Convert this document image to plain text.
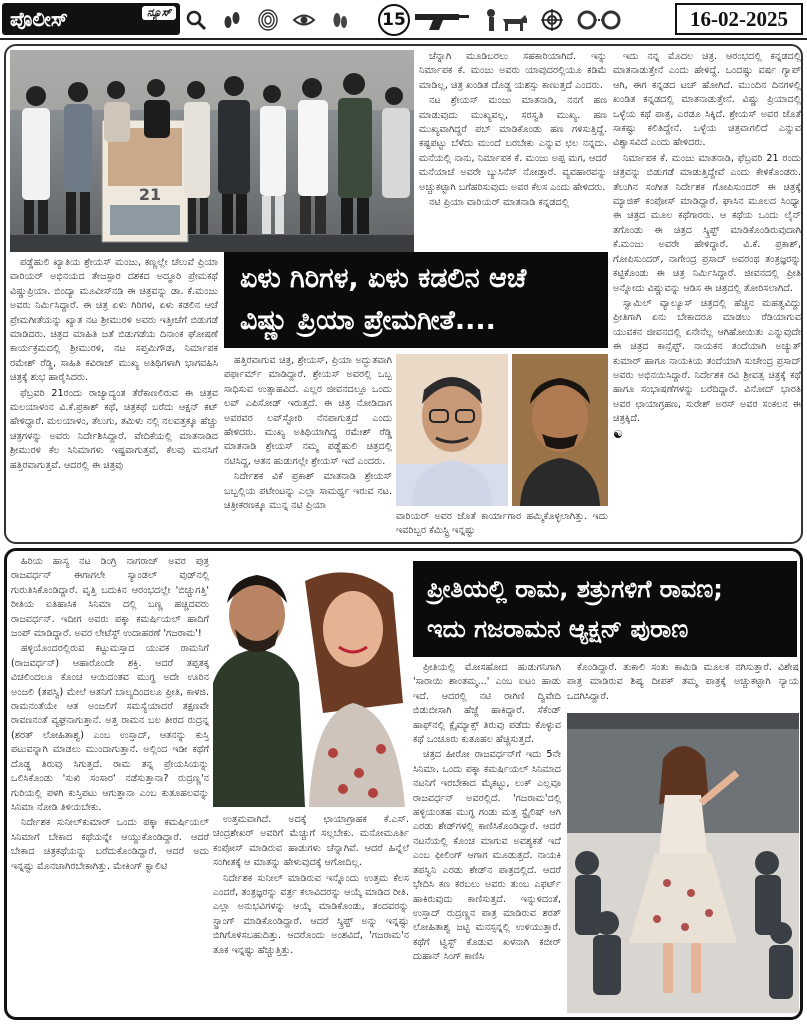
ಪೊಲೀಸ್	ನ್ಯೂಸ್	15	16-02-2025
21

ಚೆನ್ನಾಗಿ ಮೂಡಿಬರಲು ಸಹಕಾರಿಯಾಗಿದೆ. ಇನ್ನು ನಿರ್ಮಾಪಕ ಕೆ. ಮಂಜು ಅವರು ಯಾವುದರಲ್ಲಿಯೂ ಕಡಿಮೆ ಮಾಡಿಲ್ಲ, ಚಿತ್ರ ಖಂಡಿತ ದೊಡ್ಡ ಯಶಸ್ಸು ಕಾಣುತ್ತದೆ ಎಂದರು.

ನಟ ಶ್ರೇಯಸ್ ಮಂಜು ಮಾತನಾಡಿ, ನನಗೆ ಹಣ ಮಾಡುವುದು ಮುಖ್ಯವಲ್ಲ, ಸರಸ್ವತಿ ಮುಖ್ಯ. ಹಣ ಮುಖ್ಯವಾಗಿದ್ದರೆ ಪಬ್ ಮಾಡಿಕೊಂಡು ಹಣ ಗಳಿಸುತ್ತಿದ್ದೆ. ಕಷ್ಟಪಟ್ಟು ಬೆಳೆದು ಮುಂದೆ ಬರಬೇಕು ಎನ್ನುವ ಛಲ ನನ್ನದು. ಮನೆಯಲ್ಲಿ ನಾನು, ನಿರ್ಮಾಪಕ ಕೆ. ಮಂಜು ಅಪ್ಪ ಮಗ, ಆದರೆ ಮನೆಯಾಚೆ ಅವರೇ ಬ್ಯುಸಿನೆಸ್ ನೋಡ್ತಾರೆ. ವ್ಯವಹಾರವನ್ನು ಅಚ್ಚುಕಟ್ಟಾಗಿ ಬಗೆಹರಿಸುವುದು ಅವರ ಕೆಲಸ ಎಂದು ಹೇಳಿದರು.

ನಟಿ ಪ್ರಿಯಾ ವಾರಿಯರ್ ಮಾತನಾಡಿ ಕನ್ನಡದಲ್ಲಿ

ಇದು ನನ್ನ ಮೊದಲ ಚಿತ್ರ. ಆರಂಭದಲ್ಲಿ ಕನ್ನಡದಲ್ಲಿ ಮಾತನಾಡುತ್ತೇನೆ ಎಂದು ಹೇಳಿದ್ದೆ. ಒಂದಷ್ಟು ವರ್ಷ ಗ್ಯಾಪ್ ಆಗಿ, ಈಗ ಕನ್ನಡದ ಟಚ್ ಹೋಗಿದೆ. ಮುಂದಿನ ದಿನಗಳಲ್ಲಿ ಖಂಡಿತ ಕನ್ನಡದಲ್ಲಿ ಮಾತನಾಡುತ್ತೇನೆ. ವಿಷ್ಣು ಪ್ರಿಯಾದಲ್ಲಿ ಒಳ್ಳೆಯ ಕಥೆ ಪಾತ್ರ, ಎರಡೂ ಸಿಕ್ಕಿದೆ. ಶ್ರೇಯಸ್ ಅವರ ಜೊತೆ ಸಾಕಷ್ಟು ಕಲಿತಿದ್ದೇನೆ. ಒಳ್ಳೆಯ ಚಿತ್ರವಾಗಲಿದೆ ಎನ್ನುವ ವಿಶ್ವಾಸವಿದೆ ಎಂದು ಹೇಳಿದರು.

ನಿರ್ಮಾಪಕ ಕೆ. ಮಂಜು ಮಾತನಾಡಿ, ಫೆಬ್ರವರಿ 21 ರಂದು ಚಿತ್ರವನ್ನು ಬಿಡುಗಡೆ ಮಾಡುತ್ತಿದ್ದೇವೆ ಎಂದು ಕೇಳಿಕೊಂಡರು. ತೆಲುಗಿನ ಸಂಗೀತ ನಿರ್ದೇಶಕ ಗೋಪಿಸುಂದರ್ ಈ ಚಿತ್ರಕ್ಕೆ ಮ್ಯಾಜಿಕ್ ಕಂಪೋಸ್ ಮಾಡಿದ್ದಾರೆ. ಘಾಸಿನ ಮೂಲದ ಸಿಂಧ್ಯಾ ಈ ಚಿತ್ರದ ಮೂಲ ಕಥೆಗಾರರು. ಆ ಕಥೆಯ ಒಂದು ಲೈನ್ ತಗೊಂಡು ಈ ಚಿತ್ರದ ಸ್ಕ್ರಿಪ್ಟ್ ಮಾಡಿಕೊಂಡಿರುವುದಾಗಿ ಕೆ.ಮಂಜು ಅವರೇ ಹೇಳಿದ್ದಾರೆ. ವಿ.ಕೆ. ಪ್ರಕಾಶ್, ಗೋಪಿಸುಂದರ್, ನಾಗೇಂದ್ರ ಪ್ರಸಾದ್ ಅವರಂಥ ತಂತ್ರಜ್ಞರನ್ನು ಕಟ್ಟಿಕೊಂಡು ಈ ಚಿತ್ರ ನಿರ್ಮಿಸಿದ್ದಾರೆ. ಜೀವನದಲ್ಲಿ ಪ್ರೀತಿ ಅನ್ನೋದು ವಿಷ್ಣುವನ್ನು ಆಡಿಸ ಈ ಚಿತ್ರದಲ್ಲಿ ತೋರಿಸಲಾಗಿದೆ.

ಸ್ವಾಮಿಲ್ ವ್ಯಾಲ್ಯೂಸ್ ಚಿತ್ರದಲ್ಲಿ ಹೆಚ್ಚಿನ ಮಹತ್ವವಿದ್ದು ಪ್ರೀತಿಗಾಗಿ ಏನು ಬೇಕಾದರೂ ಮಾಡಲು ರೆಡಿಯಾಗುವ ಯುವಕನ ಜೀವನದಲ್ಲಿ ಏನೇನೆಲ್ಲ ಆಗಿಹೋಯಿತು ಎನ್ನುವುದೇ ಈ ಚಿತ್ರದ ಕಾನ್ಸೆಪ್ಟ್. ನಾಯಕನ ತಂದೆಯಾಗಿ ಅಚ್ಯುತ್ ಕುಮಾರ್ ಹಾಗೂ ನಾಯಕಿಯ ತಂದೆಯಾಗಿ ಸುಚೇಂದ್ರ ಪ್ರಸಾದ್ ಅವರು ಅಭಿನಯಿಸಿದ್ದಾರೆ. ನಿರ್ದೇಶಕ ರವಿ ಶ್ರೀವತ್ಸ ಚಿತ್ರಕ್ಕೆ ಕಥೆ ಹಾಗೂ ಸಂಭಾಷಣೆಗಳನ್ನು ಬರೆದಿದ್ದಾರೆ. ವಿನೋದ್ ಭಾರತಿ ಅವರ ಛಾಯಾಗ್ರಹಣ, ಸುರೇಶ್ ಅರಸ್ ಅವರ ಸಂಕಲನ ಈ ಚಿತ್ರಕ್ಕಿದೆ.

☯

ಪಡ್ಡೆಹುಲಿ ಖ್ಯಾತಿಯ ಶ್ರೇಯಸ್ ಮಂಜು, ಕಣ್ಣಲ್ಲೇ ಚೆಲುವೆ ಪ್ರಿಯಾ ವಾರಿಯರ್ ಅಭಿನಯದ ತೇಜಸ್ಪಾರ ದಶಕದ ಅದ್ಧೂರಿ ಪ್ರೇಮಕಥೆ ವಿಷ್ಣುಪ್ರಿಯಾ. ಬಿಂದ್ಯಾ ಮೂವೀಸ್‌ನಡಿ ಈ ಚಿತ್ರವನ್ನು ಡಾ. ಕೆ.ಮಂಜು ಅವರು ನಿರ್ಮಿಸಿದ್ದಾರೆ. ಈ ಚಿತ್ರ ಏಳು ಗಿರಿಗಳ, ಏಳು ಕಡಲಿನ ಆಚೆ ಪ್ರೇಮಗೀತೆಯನ್ನು ಖ್ಯಾತ ನಟ ಶ್ರೀಮುರಳಿ ಅವರು ಇತ್ತೀಚೆಗೆ ಬಿಡುಗಡೆ ಮಾಡಿದರು. ಚಿತ್ರದ ಮಾಹಿತಿ ಜತೆ ಬಿಡುಗಡೆಯ ದಿನಾಂಕ ಘೋಷಣೆ ಕಾರ್ಯಕ್ರಮದಲ್ಲಿ ಶ್ರೀಮುರಳಿ, ನಟ ಸಪ್ತಮಿಗೌಡ, ನಿರ್ಮಾಪಕ ರಮೇಶ್ ರೆಡ್ಡಿ, ಸಾಹಿತಿ ಕವಿರಾಜ್ ಮುಖ್ಯ ಅತಿಥಿಗಳಾಗಿ ಭಾಗವಹಿಸಿ ಚಿತ್ರಕ್ಕೆ ಶುಭ ಹಾರೈಸಿದರು.

ಫೆಬ್ರವರಿ 21ರಂದು ರಾಜ್ಯಾದ್ಯಂತ ತೆರೆಕಾಣಲಿರುವ ಈ ಚಿತ್ರವ ಮಲಯಾಳಂನ ವಿ.ಕೆ.ಪ್ರಕಾಶ್ ಕಥೆ, ಚಿತ್ರಕಥೆ ಬರೆದು ಆಕ್ಷನ್ ಕಟ್ ಹೇಳಿದ್ದಾರೆ. ಮಲಯಾಳಂ, ತೆಲುಗು, ತಮಿಳು ನಲ್ಲಿ ನಲವತ್ತಕ್ಕೂ ಹೆಚ್ಚು ಚಿತ್ರಗಳನ್ನು ಅವರು ನಿರ್ದೇಶಿಸಿದ್ದಾರೆ. ವೇದಿಕೆಯಲ್ಲಿ ಮಾತನಾಡಿದ ಶ್ರೀಮುರಳಿ ಕೆಲ ಸಿನಿಮಾಗಳು ಇಷ್ಟವಾಗುತ್ತವೆ, ಕೆಲವು ಮನಸಿಗೆ ಹತ್ತಿರವಾಗುತ್ತವೆ. ಆದರಲ್ಲಿ ಈ ಚಿತ್ರವು

ಏಳು ಗಿರಿಗಳ, ಏಳು ಕಡಲಿನ ಆಚೆ
ವಿಷ್ಣು ಪ್ರಿಯಾ ಪ್ರೇಮಗೀತೆ....

ಹತ್ತಿರವಾಗುವ ಚಿತ್ರ, ಶ್ರೇಯಸ್, ಪ್ರಿಯಾ ಅದ್ಭುತವಾಗಿ ಪರ್ಫಾರ್ಮ್ ಮಾಡಿದ್ದಾರೆ. ಶ್ರೇಯಸ್ ಅವರಲ್ಲಿ ಒಬ್ಬ ಸಾಧಿಸುವ ಉತ್ಸಾಹವಿದೆ. ಎಲ್ಲರ ಜೀವನದಲ್ಲೂ ಒಂದು ಲವ್ ಎಪಿಸೋಡ್ ಇರುತ್ತದೆ. ಈ ಚಿತ್ರ ನೋಡಿದಾಗ ಅವರವರ ಲವ್‌ಸ್ಟೋರಿ ನೆನಪಾಗುತ್ತದೆ ಎಂದು ಹೇಳಿದರು. ಮುಖ್ಯ ಅತಿಥಿಯಾಗಿದ್ದ ರಮೇಶ್ ರೆಡ್ಡಿ ಮಾತನಾಡಿ ಶ್ರೇಯಸ್ ನಮ್ಮ ಪಡ್ಡೆಹುಲಿ ಚಿತ್ರದಲ್ಲಿ ನಟಿಸಿದ್ದ, ಆತನ ಹುಡುಗಲ್ಲೇ ಶ್ರೇಯಸ್ ಇದೆ ಎಂದರು.

ನಿರ್ದೇಶಕ ವಿಕೆ ಪ್ರಕಾಶ್ ಮಾತನಾಡಿ ಶ್ರೇಯಸ್ ಬಬ್ಬಲ್ಲಿಯ ಪಟೇಂಟನ್ನು ಎಲ್ಲಾ ಸಾಮರ್ಥ್ಯ ಇರುವ ನಟ. ಚಿತ್ರೀಕರಣಕ್ಕೂ ಮುನ್ನ ನಟಿ ಪ್ರಿಯಾ

ವಾರಿಯರ್ ಅವರ ಜೊತೆ ಕಾರ್ಯಾಗಾರ ಹಮ್ಮಿಕೊಳ್ಳಲಾಗಿತ್ತು. ಇದು ಇವರಿಬ್ಬರ ಕೆಮಿಸ್ಟ್ರಿ ಇನ್ನಷ್ಟು

ಹಿರಿಯ ಹಾಸ್ಯ ನಟ ಡಿಂಗ್ರಿ ನಾಗರಾಜ್ ಅವರ ಪುತ್ರ ರಾಜವರ್ಧನ್ ಈಗಾಗಲೇ ಸ್ಯಾಂಡಲ್ ವುಡ್‌ನಲ್ಲಿ ಗುರುತಿಸಿಕೊಂಡಿದ್ದಾರೆ. ವೃತ್ತಿ ಬದುಕಿನ ಆರಂಭದಲ್ಲೇ 'ಬಿಚ್ಚುಗತ್ತಿ' ರೀತಿಯ ಐತಿಹಾಸಿಕ ಸಿನಿಮಾ ದಲ್ಲಿ ಬಣ್ಣ ಹಚ್ಚಿದವರು ರಾಜವರ್ಧನ್. ಇದೀಗ ಅವರು ಪಕ್ಕಾ ಕಮರ್ಷಿಯಲ್ ಹಾದಿಗೆ ಜಂಪ್ ಮಾಡಿದ್ದಾರೆ. ಅವರ ಲೇಟೆಸ್ಟ್ ಉದಾಹರಣೆ 'ಗಜರಾಮ'!

ಹಳ್ಳಿಯೊಂದರಲ್ಲಿರುವ ಕಟ್ಟುಮಸ್ತಾದ ಯುವಕ ರಾಮನಿಗೆ (ರಾಜವರ್ಧನ್) ಆಹಾರೊಂದೇ ಶಕ್ತಿ. ಆದರೆ ತಪ್ಪತಕ್ಕ ವಿಚಲಿಂದಲೂ ಕೊಂಚ ಆಯಿದಂತವ ಮುಗ್ಧ ಅದೇ ಊರಿನ ಅಂಜಲಿ (ತಪಸ್ವಿ) ಮೇಲೆ ಆತನಿಗೆ ಬಾಲ್ಯದಿಂದಲೂ ಪ್ರೀತಿ, ಕಾಳಜಿ. ರಾಮನಂತೆಯೇ ಆತ ಅಂಜಲಿಗೆ ಸಮಸ್ಯೆಯಾದರೆ ತಕ್ಷಣವೇ ರಾವಣನಂತೆ ವ್ಯಘ್ರನಾಗುತ್ತಾನೆ. ಅತ್ತ ರಾಮನ ಬಲ ತೀರದ ರುದ್ರನ್ನ (ಶರತ್ ಲೋಹಿತಾಶ್ವ) ಎಂಬ ಉಸ್ತಾದ್, ಆತನನ್ನು ಕುಸ್ತಿ ಪಟುವನ್ನಾಗಿ ಮಾಡಲು ಮುಂದಾಗುತ್ತಾನೆ. ಅಲ್ಲಿಂದ ಇಡೀ ಕಥೆಗೆ ದೊಡ್ಡ ತಿರುವು ಸಿಗುತ್ತದೆ. ರಾಮ ತನ್ನ ಪ್ರೇಯಸಿಯನ್ನು ಒಲಿಸಿಕೊಂಡು 'ಸುಖಿ ಸಂಸಾರ' ನಡೆಸುತ್ತಾನಾ? ರುದ್ರಣ್ಣ'ನ ಗುರಿಯಲ್ಲಿ ಪಳಗಿ ಕುಸ್ತಿಪಟು ಆಗುತ್ತಾನಾ ಎಂಬ ಕುತೂಹಲವನ್ನು ಸಿನಿಮಾ ನೋಡಿ ತಿಳಿಯಬೇಕು.

ನಿರ್ದೇಶಕ ಸುನೀಲ್‌ಕುಮಾರ್ ಒಂದು ಪಕ್ಕಾ ಕಮರ್ಷಿಯಲ್ ಸಿನಿಮಾಗೆ ಬೇಕಾದ ಕಥೆಯನ್ನೇ ಆಯ್ದುಕೊಂಡಿದ್ದಾರೆ. ಆದರೆ ಬೇಕಾದ ಚಿತ್ರಕಥೆಯನ್ನು ಬರೆದುಕೊಂಡಿದ್ದಾರೆ. ಆದರೆ ಅದು ಇನ್ನಷ್ಟು ಮೊನಚಾಗಿರಬೇಕಾಗಿತ್ತು. ಮೇಕಿಂಗ್ ಕ್ವಾಲಿಟಿ

ಪ್ರೀತಿಯಲ್ಲಿ ರಾಮ, ಶತ್ರುಗಳಿಗೆ ರಾವಣ;
ಇದು ಗಜರಾಮನ ಆ್ಯಕ್ಷನ್ ಪುರಾಣ

ಪ್ರೀತಿಯಲ್ಲಿ ಮೋಸಹೋದ ಹುಡುಗನಿಗಾಗಿ 'ಸಾರಾಯಿ ಶಾಂತಮ್ಮ...' ಎಂಬ ಐಟಂ ಹಾಡು ಇದೆ. ಆದರಲ್ಲಿ ನಟಿ ರಾಗಿಣಿ ದ್ವಿವೇದಿ ಬಿಡುಬೀಸಾಗಿ ಹೆಜ್ಜೆ ಹಾಕಿದ್ದಾರೆ. ಸೆಕೆಂಡ್ ಹಾಫ್‌ನಲ್ಲಿ ಕ್ಲೈಮ್ಯಾಕ್ಸ್ ತಿರುವು ಪಡೆದು ಕೊಳ್ಳುವ ಕಥೆ ಒಂಚೂರು ಕುತೂಹಲ ಹೆಚ್ಚಿಸುತ್ತದೆ.

ಚಿತ್ರದ ಹೀರೋ ರಾಜವರ್ಧನ್‌ಗೆ ಇದು 5ನೇ ಸಿನಿಮಾ. ಒಂದು ಪಕ್ಕಾ ಕಮರ್ಷಿಯಲ್ ಸಿನಿಮಾದ ನಟನಿಗೆ ಇರಬೇಕಾದ ಮೈಕಟ್ಟು, ಲುಕ್ ಎಲ್ಲವೂ ರಾಜವರ್ಧನ್ ಅವರಲ್ಲಿದೆ. 'ಗಜರಾಮ'ದಲ್ಲಿ ಹಳ್ಳಿಯಂತಹ ಮುಗ್ಧ ಗಂಡು ಮತ್ತ ಸ್ಟೈಲಿಷ್ ಆಗಿ ಎರಡು ಶೇಡ್‌ಗಳಲ್ಲಿ ಕಾಣಿಸಿಕೊಂಡಿದ್ದಾರೆ. ಆದರೆ ನಟನೆಯಲ್ಲಿ ಕೊಂಚ ಮಾಗುವ ಅವಶ್ಯಕತೆ ಇದೆ ಎಂಬ ಫೀಲಿಂಗ್ ಆಗಾಗ ಮೂಡುತ್ತದೆ. ನಾಯಕಿ ತಪಸ್ವಿನಿ ಎರಡು ಶೇಡ್‌ನ ಪಾತ್ರದಲ್ಲಿದೆ. ಆದರೆ ಭೇದಿಸಿ ಕಣ ಕರಬಲು ಅವರು ತುಂಬ ಎಫರ್ಟ್ ಹಾಕಿರುವುದು ಕಾಣಿಸುತ್ತದೆ. ಇನ್ನುಳಿದಂತೆ, ಉಸ್ತಾದ್ ರುದ್ರಣ್ಣನ ಪಾತ್ರ ಮಾಡಿರುವ ಶರತ್ ಲೋಹಿತಾಶ್ವ ಜಟ್ಟಿ ಮನಸ್ಸನ್ನಲ್ಲಿ ಉಳಿಯುತ್ತಾರೆ. ಕಥೆಗೆ ಟ್ವಿಸ್ಟ್ ಕೊಡುವ ಖಳನಾಗಿ ಕಬೀರ್ ದುಹಾನ್ ಸಿಂಗ್ ಕಾಣಿಸಿ

ಕೊಂಡಿದ್ದಾರೆ. ತುಕಾಲಿ ಸಂತು ಕಾಮಿಡಿ ಮೂಲಕ ನಗಿಸುತ್ತಾರೆ. ವಿಶೇಷ ಪಾತ್ರ ಮಾಡಿರುವ ಶಿಷ್ಯ ದೀಪಕ್ ತಮ್ಮ ಪಾತ್ರಕ್ಕೆ ಅಚ್ಚುಕಟ್ಟಾಗಿ ನ್ಯಾಯ ಒದಗಿಸಿದ್ದಾರೆ.

ಉತ್ತಮವಾಗಿದೆ. ಅದಕ್ಕೆ ಛಾಯಾಗ್ರಾಹಕ ಕೆ.ಎಸ್. ಚಂದ್ರಶೇಖರ್ ಅವರಿಗೆ ಮೆಚ್ಚುಗೆ ಸಲ್ಲಬೇಕು. ಮನೋಮೂರ್ತಿ ಕಂಪೋಸ್ ಮಾಡಿರುವ ಹಾಡುಗಳು ಚೆನ್ನಾಗಿವೆ. ಆದರೆ ಹಿನ್ನೆಲೆ ಸಂಗೀತಕ್ಕೆ ಆ ಮಾತನ್ನು ಹೇಳುವುದಕ್ಕೆ ಆಗೋದಿಲ್ಲ.

ನಿರ್ದೇಶಕ ಸುನೀಲ್ ಮಾಡಿರುವ ಇನ್ನೊಂದು ಉತ್ತಮ ಕೆಲಸ ಎಂದರೆ, ತಂತ್ರಜ್ಞರನ್ನು ವರ್ತ್ರ ಕಲಾವಿದರನ್ನು ಆಯ್ಕೆ ಮಾಡಿದ ರೀತಿ. ಎಲ್ಲಾ ಅನುಭವಿಗಳನ್ನು ಆಯ್ಕೆ ಮಾಡಿಕೊಂಡು, ತಂದವರನ್ನು ಸ್ಟ್ರಾಂಗ್ ಮಾಡಿಕೊಂಡಿದ್ದಾರೆ. ಆದರೆ ಸ್ಕ್ರಿಪ್ಟ್ ಅನ್ನು ಇನ್ನಷ್ಟು ಬಿಗಿಗೊಳಿಸಬಹುದಿತ್ತು. ಆದರೊಂದು ಅಂಶವಿದೆ, 'ಗಜರಾಮ'ನ ತೂಕ ಇನ್ನಷ್ಟು ಹೆಚ್ಚುತ್ತಿತ್ತು.
